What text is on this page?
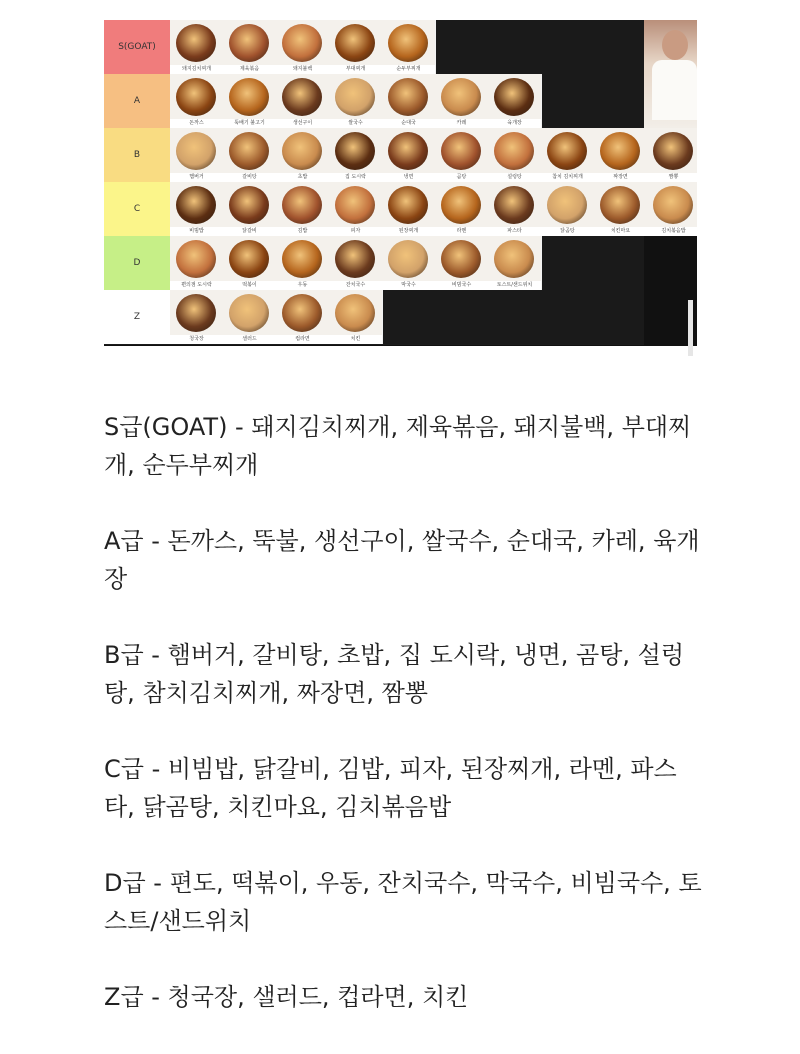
S(GOAT)
돼지김치찌개	제육볶음	돼지불백	부대찌개	순두부찌개
A
돈까스	뚝배기 불고기	생선구이	쌀국수	순대국	카레	육개장
B
햄버거	갈비탕	초밥	집 도시락	냉면	곰탕	설렁탕	참치 김치찌개	짜장면	짬뽕
C
비빔밥	닭갈비	김밥	피자	된장찌개	라멘	파스타	닭곰탕	치킨마요	김치볶음밥
D
편의점 도시락	떡볶이	우동	잔치국수	막국수	비빔국수	토스트/샌드위치
Z
청국장	샐러드	컵라면	치킨

S급(GOAT) - 돼지김치찌개, 제육볶음, 돼지불백, 부대찌개, 순두부찌개

A급 - 돈까스, 뚝불, 생선구이, 쌀국수, 순대국, 카레, 육개장

B급 - 햄버거, 갈비탕, 초밥, 집 도시락, 냉면, 곰탕, 설렁탕, 참치김치찌개, 짜장면, 짬뽕

C급 - 비빔밥, 닭갈비, 김밥, 피자, 된장찌개, 라멘, 파스타, 닭곰탕, 치킨마요, 김치볶음밥

D급 - 편도, 떡볶이, 우동, 잔치국수, 막국수, 비빔국수, 토스트/샌드위치

Z급 - 청국장, 샐러드, 컵라면, 치킨
